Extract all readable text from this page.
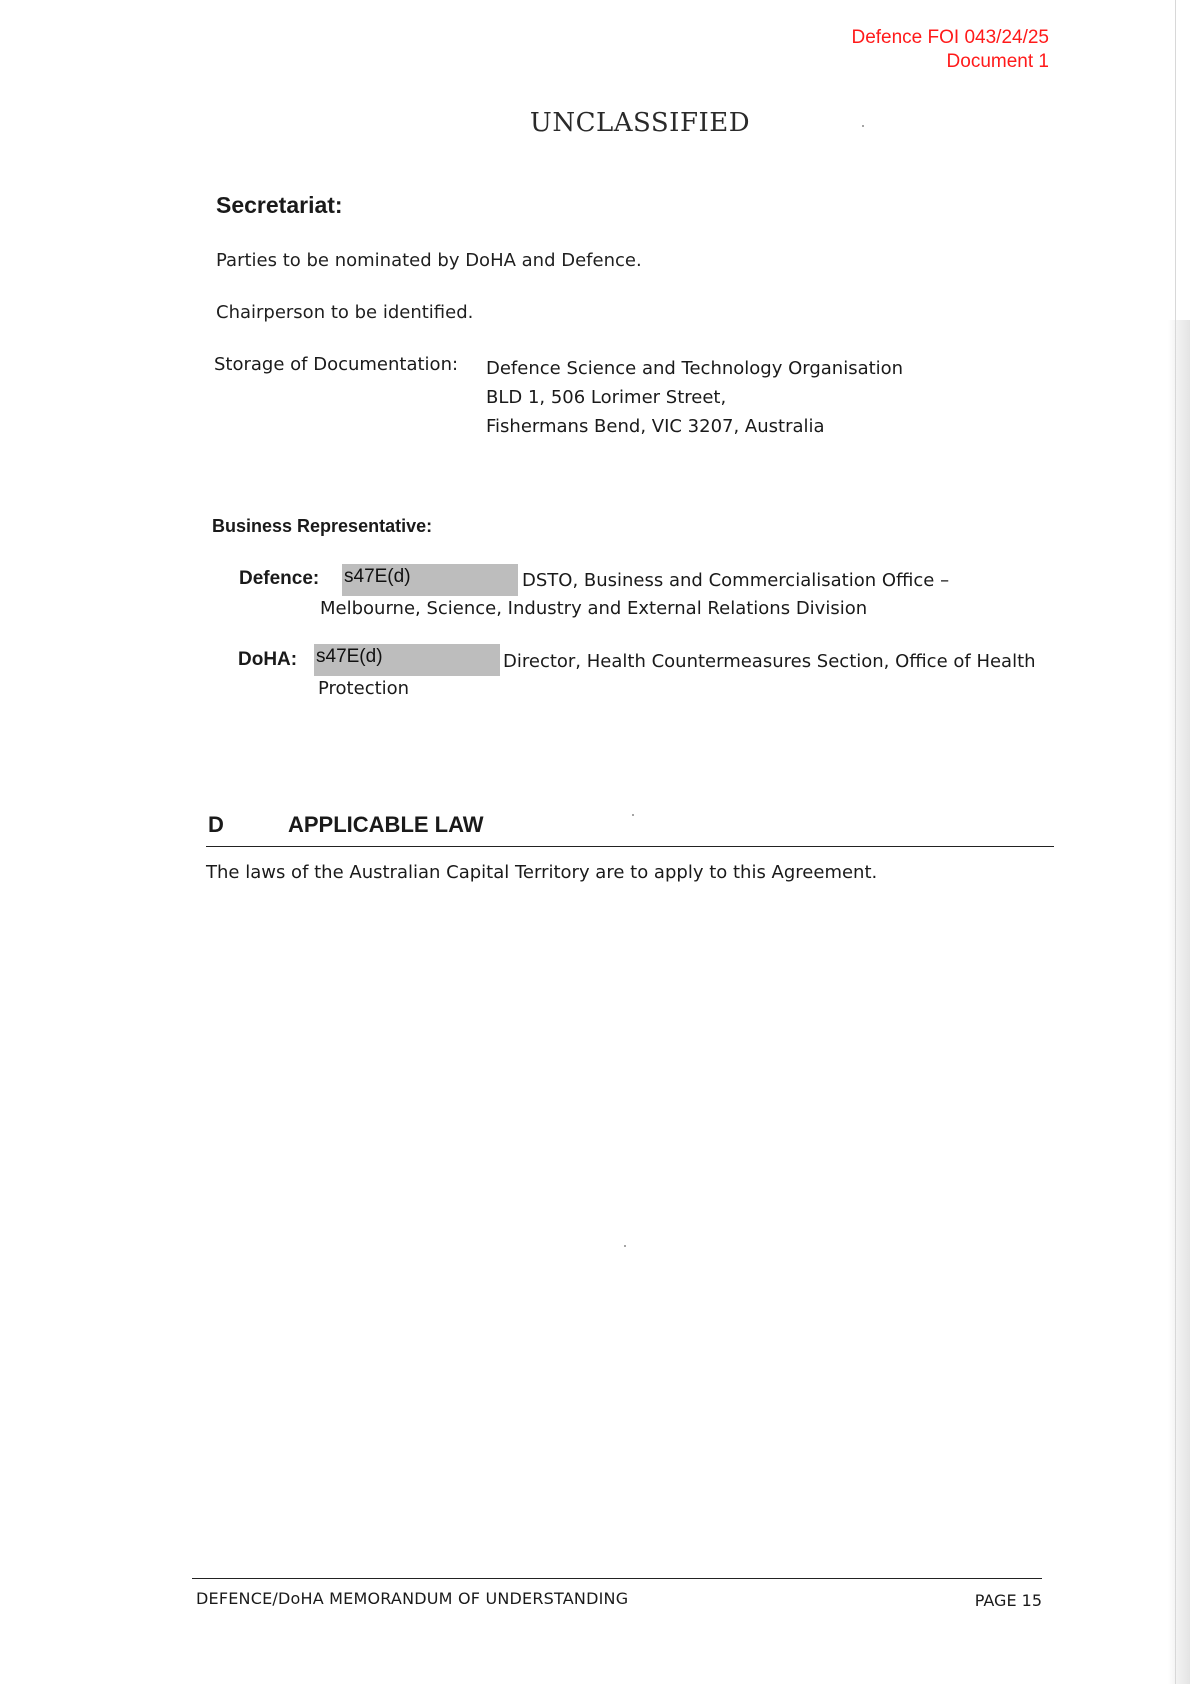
Defence FOI 043/24/25
Document 1
UNCLASSIFIED
Secretariat:
Parties to be nominated by DoHA and Defence.
Chairperson to be identified.
Storage of Documentation: Defence Science and Technology Organisation
BLD 1, 506 Lorimer Street,
Fishermans Bend, VIC 3207, Australia
Business Representative:
Defence: s47E(d)	DSTO, Business and Commercialisation Office –
Melbourne, Science, Industry and External Relations Division
DoHA: s47E(d)	Director, Health Countermeasures Section, Office of Health
Protection
D	APPLICABLE LAW
The laws of the Australian Capital Territory are to apply to this Agreement.
DEFENCE/DoHA MEMORANDUM OF UNDERSTANDING	PAGE 15
